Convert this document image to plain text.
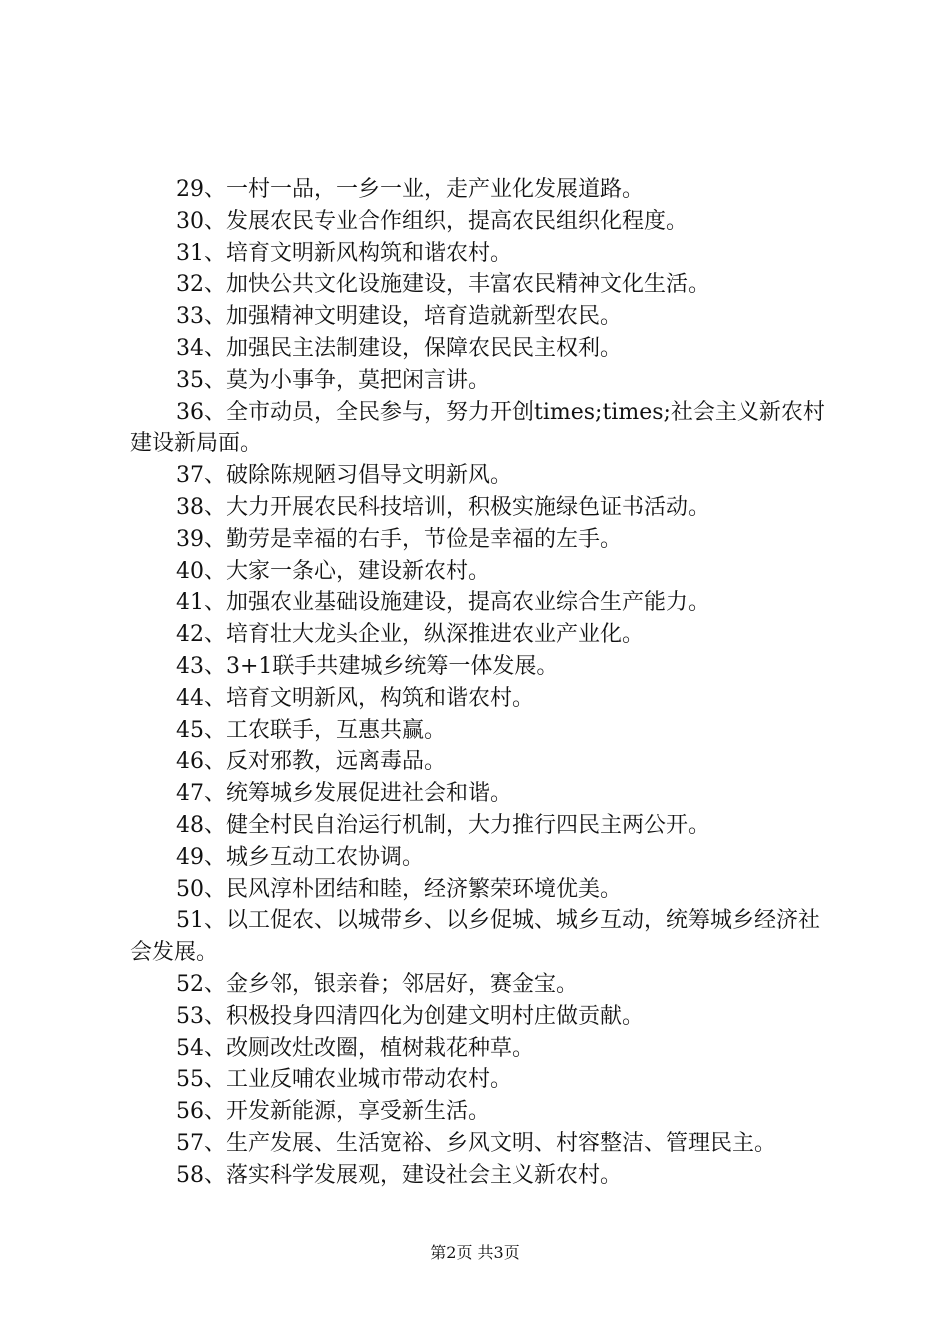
29、一村一品，一乡一业，走产业化发展道路。

30、发展农民专业合作组织，提高农民组织化程度。

31、培育文明新风构筑和谐农村。

32、加快公共文化设施建设，丰富农民精神文化生活。

33、加强精神文明建设，培育造就新型农民。

34、加强民主法制建设，保障农民民主权利。

35、莫为小事争，莫把闲言讲。

36、全市动员，全民参与，努力开创times;times;社会主义新农村建设新局面。

37、破除陈规陋习倡导文明新风。

38、大力开展农民科技培训，积极实施绿色证书活动。

39、勤劳是幸福的右手，节俭是幸福的左手。

40、大家一条心，建设新农村。

41、加强农业基础设施建设，提高农业综合生产能力。

42、培育壮大龙头企业，纵深推进农业产业化。

43、3+1联手共建城乡统筹一体发展。

44、培育文明新风，构筑和谐农村。

45、工农联手，互惠共赢。

46、反对邪教，远离毒品。

47、统筹城乡发展促进社会和谐。

48、健全村民自治运行机制，大力推行四民主两公开。

49、城乡互动工农协调。

50、民风淳朴团结和睦，经济繁荣环境优美。

51、以工促农、以城带乡、以乡促城、城乡互动，统筹城乡经济社会发展。

52、金乡邻，银亲眷；邻居好，赛金宝。

53、积极投身四清四化为创建文明村庄做贡献。

54、改厕改灶改圈，植树栽花种草。

55、工业反哺农业城市带动农村。

56、开发新能源，享受新生活。

57、生产发展、生活宽裕、乡风文明、村容整洁、管理民主。

58、落实科学发展观，建设社会主义新农村。

第2页 共3页
